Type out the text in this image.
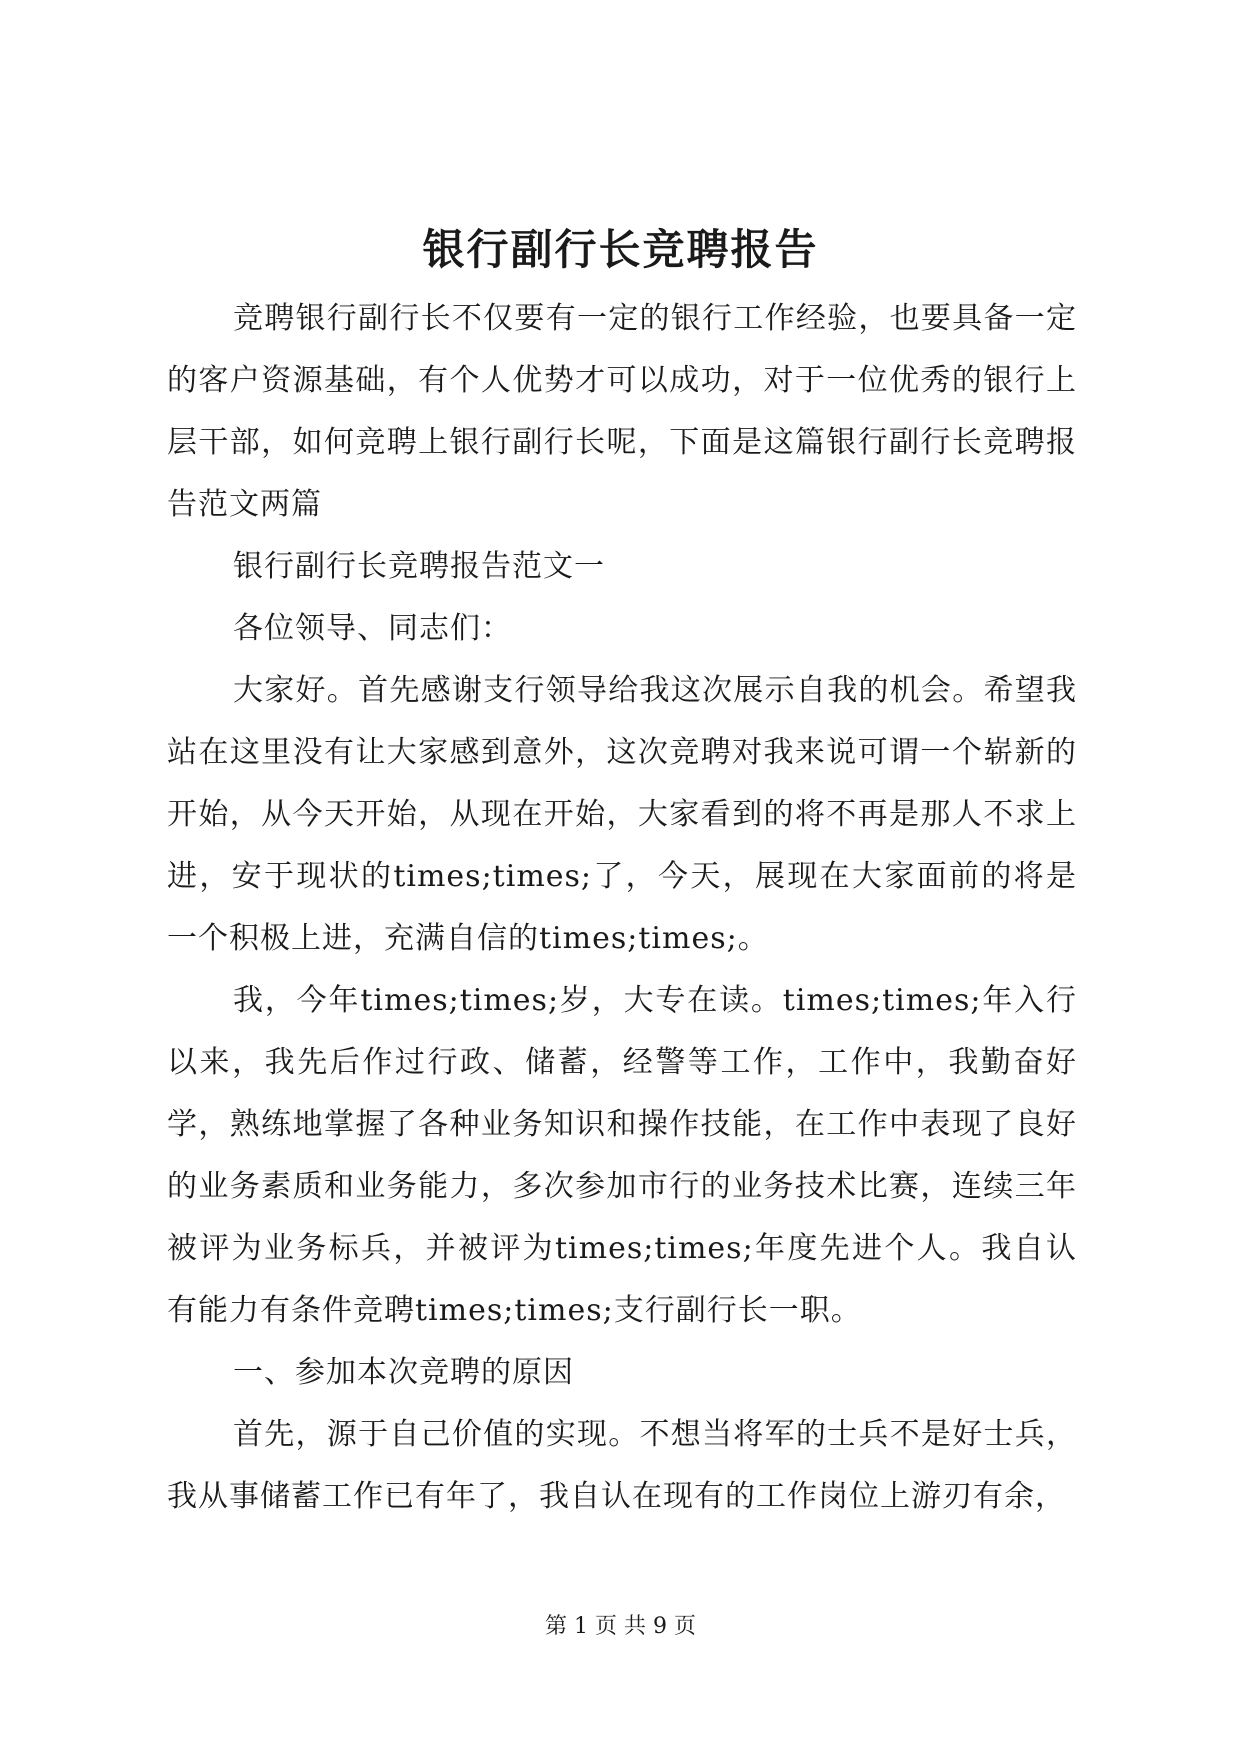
银行副行长竞聘报告

竞聘银行副行长不仅要有一定的银行工作经验，也要具备一定的客户资源基础，有个人优势才可以成功，对于一位优秀的银行上层干部，如何竞聘上银行副行长呢，下面是这篇银行副行长竞聘报告范文两篇

银行副行长竞聘报告范文一

各位领导、同志们：

大家好。首先感谢支行领导给我这次展示自我的机会。希望我站在这里没有让大家感到意外，这次竞聘对我来说可谓一个崭新的开始，从今天开始，从现在开始，大家看到的将不再是那人不求上进，安于现状的times;times;了，今天，展现在大家面前的将是一个积极上进，充满自信的times;times;。

我，今年times;times;岁，大专在读。times;times;年入行以来，我先后作过行政、储蓄，经警等工作，工作中，我勤奋好学，熟练地掌握了各种业务知识和操作技能，在工作中表现了良好的业务素质和业务能力，多次参加市行的业务技术比赛，连续三年被评为业务标兵，并被评为times;times;年度先进个人。我自认有能力有条件竞聘times;times;支行副行长一职。

一、参加本次竞聘的原因

首先，源于自己价值的实现。不想当将军的士兵不是好士兵，我从事储蓄工作已有年了，我自认在现有的工作岗位上游刃有余，

第 1 页 共 9 页
